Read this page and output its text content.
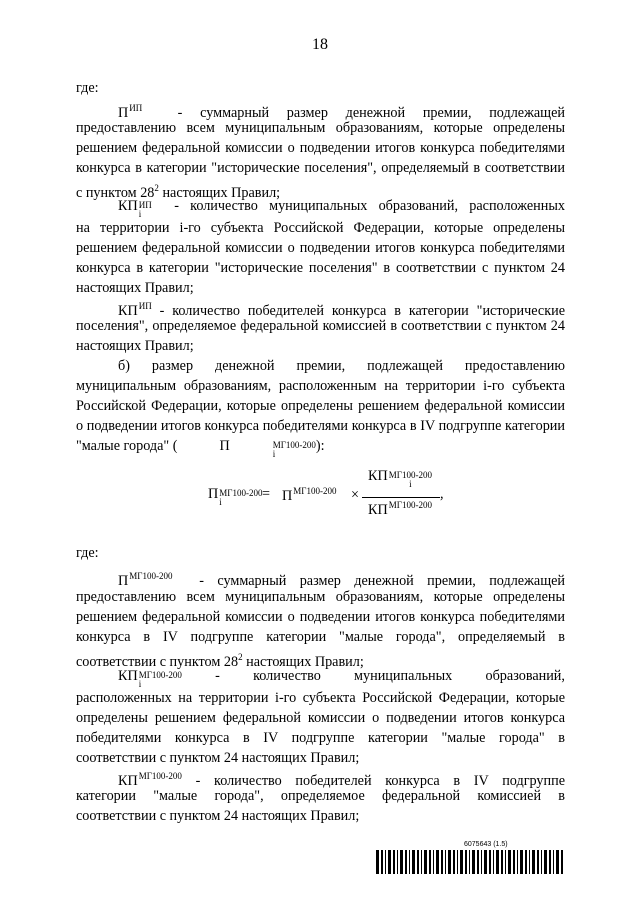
18
где:
$П^{ИП}$ - суммарный размер денежной премии, подлежащей
предоставлению всем муниципальным образованиям, которые определены решением федеральной комиссии о подведении итогов конкурса победителями конкурса в категории "исторические поселения", определяемый в соответствии с пунктом $28^2$ настоящих Правил;
КП ИП
i	- количество муниципальных образований, расположенных
на территории i-го субъекта Российской Федерации, которые определены решением федеральной комиссии о подведении итогов конкурса победителями конкурса в категории "исторические поселения" в соответствии с пунктом 24 настоящих Правил;
$КП^{ИП}$ - количество победителей конкурса в категории "исторические
поселения", определяемое федеральной комиссией в соответствии с пунктом 24 настоящих Правил;
б) размер денежной премии, подлежащей предоставлению муниципальным образованиям, расположенным на территории i-го субъекта Российской Федерации, которые определены решением федеральной комиссии о подведении итогов конкурса победителями конкурса в IV подгруппе категории "малые города" (	П	МГ100-200
i	):
П МГ100-200
i	= $П^{МГ100-200}$ ×
КП МГ100-200
i
$КП^{МГ100-200}$
,
где:
$П^{МГ100-200}$ - суммарный размер денежной премии, подлежащей
предоставлению всем муниципальным образованиям, которые определены решением федеральной комиссии о подведении итогов конкурса победителями конкурса в IV подгруппе категории "малые города", определяемый в соответствии с пунктом $28^2$ настоящих Правил;
КП МГ100-200
i	- количество муниципальных образований,
расположенных на территории i-го субъекта Российской Федерации, которые определены решением федеральной комиссии о подведении итогов конкурса победителями конкурса в IV подгруппе категории "малые города" в соответствии с пунктом 24 настоящих Правил;
$КП^{МГ100-200}$ - количество победителей конкурса в IV подгруппе
категории "малые города", определяемое федеральной комиссией в соответствии с пунктом 24 настоящих Правил;
6075643 (1.5)
